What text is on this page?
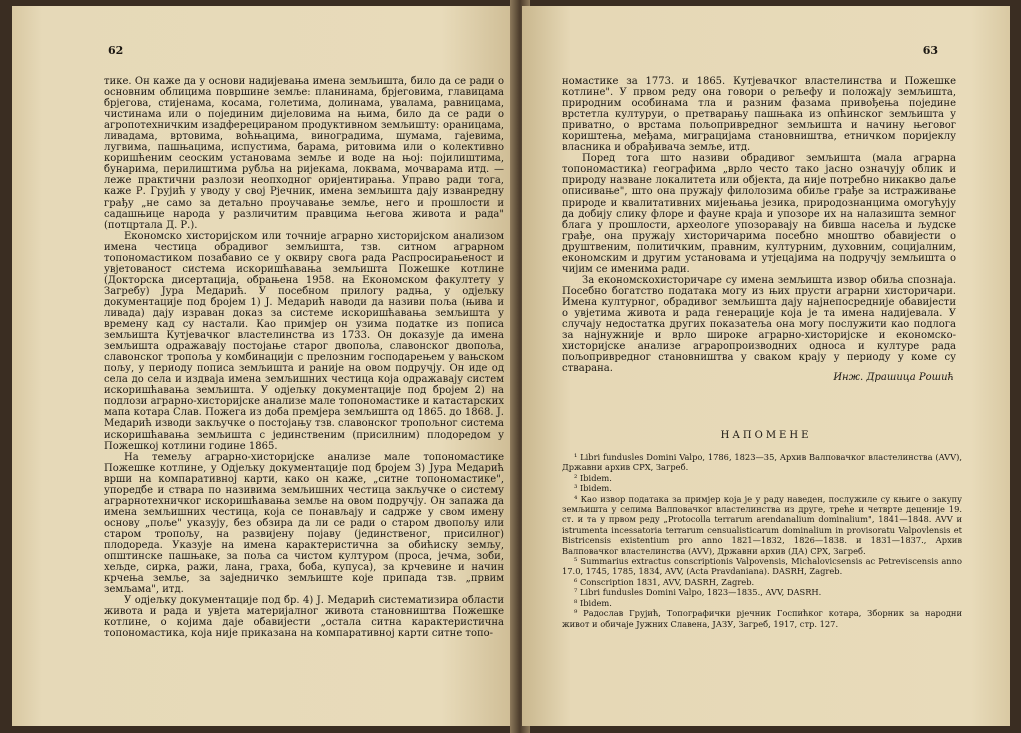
62

тике. Он каже да у основи надијевања имена земљишта, било да се ради о основним облицима површине земље: планинама, брјеговима, главицама брјегова, стијенама, косама, голетима, долинама, увалама, равницама, чистинама или о појединим дијеловима на њима, било да се ради о агропотехничким изадферецираном продуктивном земљишту: ораницама, ливадама, вртовима, воћњацима, виноградима, шумама, гајевима, лугвима, пашњацима, испустима, барама, ритовима или о колективно коришћеним сеоским установама земље и воде на њој: појилиштима, бунарима, перилиштима рубља на ријекама, локвама, мочварама итд. — леже практични разлози неопходног оријентирања. Управо ради тога, каже Р. Грујић у уводу у свој Рјечник, имена земљишта дају изванредну грађу „не само за детаљно проучавање земље, него и прошлости и садашњице народа у различитим правцима његова живота и рада" (потцртала Д. Р.).

Економско хисторијском или точније аграрно хисторијском анализом имена честица обрадивог земљишта, тзв. ситном аграрном топономастиком позабавио се у оквиру свога рада Распросирањеност и увјетованост система искоришћавања земљишта Пожешке котлине (Докторска дисертација, обрањена 1958. на Економском факултету у Загребу) Јура Медарић. У посебном прилогу радња, у одјељку документације под бројем 1) Ј. Медарић наводи да називи поља (њива и ливада) дају израван доказ за системе искоришћавања земљишта у времену кад су настали. Као примјер он узима податке из пописа земљишта Кутјевачког властелинства из 1733. Он доказује да имена земљишта одражавају постојање старог двопоља, славонског двопоља, славонског тропоља у комбинацији с прелозним господарењем у вањском пољу, у периоду пописа земљишта и раније на овом подручју. Он иде од села до села и издваја имена земљишних честица која одражавају систем искоришћавања земљишта. У одјељку документације под бројем 2) на подлози аграрно-хисторијске анализе мале топономастике и катастарских мапа котара Слав. Пожега из доба премјера земљишта од 1865. до 1868. Ј. Медарић изводи закључке о постојању тзв. славонског тропољног система искоришћавања земљишта с јединственим (присилним) плодоредом у Пожешкој котлини године 1865.

На темељу аграрно-хисторијске анализе мале топономастике Пожешке котлине, у Одјељку документације под бројем 3) Јура Медарић врши на компаративној карти, како он каже, „ситне топономастике", упоредбе и ствара по називима земљишних честица закључке о систему аграрнотехничког искоришћавања земље на овом подручју. Он запажа да имена земљишних честица, која се понављају и садрже у свом имену основу „поље" указују, без обзира да ли се ради о старом двопољу или старом тропољу, на развијену појаву (јединственог, присилног) плодореда. Указује на имена карактеристична за обићиску земљу, општинске пашњаке, за поља са чистом културом (проса, јечма, зоби, хељде, сирка, ражи, лана, граха, боба, купуса), за крчевине и начин крчења земље, за заједничко земљиште које припада тзв. „првим земљама", итд.

У одјељку документације под бр. 4) Ј. Медарић систематизира области живота и рада и увјета материјалног живота становништва Пожешке котлине, о којима даје обавијести „остала ситна карактеристична топономастика, која није приказана на компаративној карти ситне топо-

63

номастике за 1773. и 1865. Кутјевачког властелинства и Пожешке котлине". У првом реду она говори о рељефу и положају земљишта, природним особинама тла и разним фазама привођења поједине врстетла културуи, о претварању пашњака из опћинског земљишта у приватно, о врстама пољопривредног земљишта и начину његовог кориштења, међама, миграцијама становништва, етничком поријеклу власника и обрађивача земље, итд.

Поред тога што називи обрадивог земљишта (мала аграрна топономастика) географима „врло често тако јасно означују облик и природу назване локалитета или објекта, да није потребно никакво даље описивање", што она пружају филолозима обиље грађе за истраживање природе и квалитативних мијењања језика, природознанцима омогућују да добију слику флоре и фауне краја и упозоре их на налазишта земног блага у прошлости, археологе упозоравају на бивша насеља и људске грађе, она пружају хисторичарима посебно мноштво обавијести о друштвеним, политичким, правним, културним, духовним, социјалним, економским и другим установама и утјецајима на подручју земљишта о чијим се именима ради.

За економскохисторичаре су имена земљишта извор обиља спознаја. Посебно богатство података могу из њих прусти аграрни хисторичари. Имена културног, обрадивог земљишта дају најнепосредније обавијести о увјетима живота и рада генерације која је та имена надијевала. У случају недостатка других показатеља она могу послужити као подлога за најнужније и врло широке аграрно-хисторијске и економско-хисторијске анализе аграропроизводних односа и културе рада пољопривредног становништва у сваком крају у периоду у коме су стварана.

Инж. Драшица Рошић
НАПОМЕНЕ

¹ Libri fundusles Domini Valpo, 1786, 1823—35, Архив Валповачког властелинства (AVV), Државни архив СРХ, Загреб.

² Ibidem.

³ Ibidem.

⁴ Као извор података за примјер која је у раду наведен, послужиле су књиге о закупу земљишта у селима Валповачког властелинства из друге, треће и четврте деценије 19. ст. и та у првом реду „Protocolla terrarum arendanalium dominalium", 1841—1848. AVV и istrumenta incessatoria terrarum censualisticarum dominalium in provisoratu Valpovlensis et Bistricensis existentium pro anno 1821—1832, 1826—1838. и 1831—1837., Архив Валповачког властелинства (AVV), Државни архив (ДА) СРХ, Загреб.

⁵ Summarius extractus conscriptionis Valpovensis, Michalovicsensis ac Petreviscensis anno 17.0, 1745, 1785, 1834, AVV, (Acta Pravdaniana). DASRH, Zagreb.

⁶ Conscription 1831, AVV, DASRH, Zagreb.

⁷ Libri fundusles Domini Valpo, 1823—1835., AVV, DASRH.

⁸ Ibidem.

⁹ Радослав Грујић, Топографички рјечник Госпићког котара, Зборник за народни живот и обичаје Јужних Славена, ЈАЗУ, Загреб, 1917, стр. 127.
